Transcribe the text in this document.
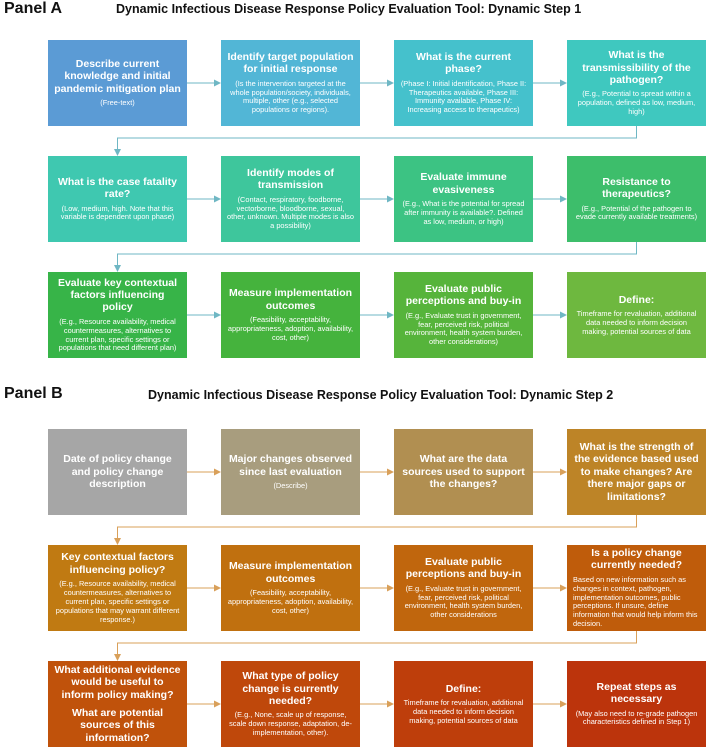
Panel A	Dynamic Infectious Disease Response Policy Evaluation Tool: Dynamic Step 1
Panel B	Dynamic Infectious Disease Response Policy Evaluation Tool: Dynamic Step 2
Describe current knowledge and initial pandemic mitigation plan
(Free-text)
Identify target population for initial response
(Is the intervention targeted at the whole population/society, individuals, multiple, other (e.g., selected populations or regions).
What is the current phase?
(Phase I: Initial identification, Phase II: Therapeutics available, Phase III: Immunity available, Phase IV: Increasing access to therapeutics)
What is the transmissibility of the pathogen?
(E.g., Potential to spread within a population, defined as low, medium, high)
What is the case fatality rate?
(Low, medium, high. Note that this variable is dependent upon phase)
Identify modes of transmission
(Contact, respiratory, foodborne, vectorborne, bloodborne, sexual, other, unknown. Multiple modes is also a possibility)
Evaluate immune evasiveness
(E.g., What is the potential for spread after immunity is available?. Defined as low, medium, or high)
Resistance to therapeutics?
(E.g., Potential of the pathogen to evade currently available treatments)
Evaluate key contextual factors influencing policy
(E.g., Resource availability, medical countermeasures, alternatives to current plan, specific settings or populations that need different plan)
Measure implementation outcomes
(Feasibility, acceptability, appropriateness, adoption, availability, cost, other)
Evaluate public perceptions and buy-in
(E.g., Evaluate trust in government, fear, perceived risk, political environment, health system burden, other considerations)
Define:
Timeframe for revaluation, additional data needed to inform decision making, potential sources of data
Date of policy change and policy change description
Major changes observed since last evaluation
(Describe)
What are the data sources used to support the changes?
What is the strength of the evidence based used to make changes? Are there major gaps or limitations?
Key contextual factors influencing policy?
(E.g., Resource availability, medical countermeasures, alternatives to current plan, specific settings or populations that may warrant different response.)
Measure implementation outcomes
(Feasibility, acceptability, appropriateness, adoption, availability, cost, other)
Evaluate public perceptions and buy-in
(E.g., Evaluate trust in government, fear, perceived risk, political environment, health system burden, other considerations
Is a policy change currently needed?
Based on new information such as changes in context, pathogen, implementation outcomes, public perceptions. If unsure, define information that would help inform this decision.
What additional evidence would be useful to inform policy making?
What are potential sources of this information?
What type of policy change is currently needed?
(E.g., None, scale up of response, scale down response, adaptation, de-implementation, other).
Define:
Timeframe for revaluation, additional data needed to inform decision making, potential sources of data
Repeat steps as necessary
(May also need to re-grade pathogen characteristics defined in Step 1)
